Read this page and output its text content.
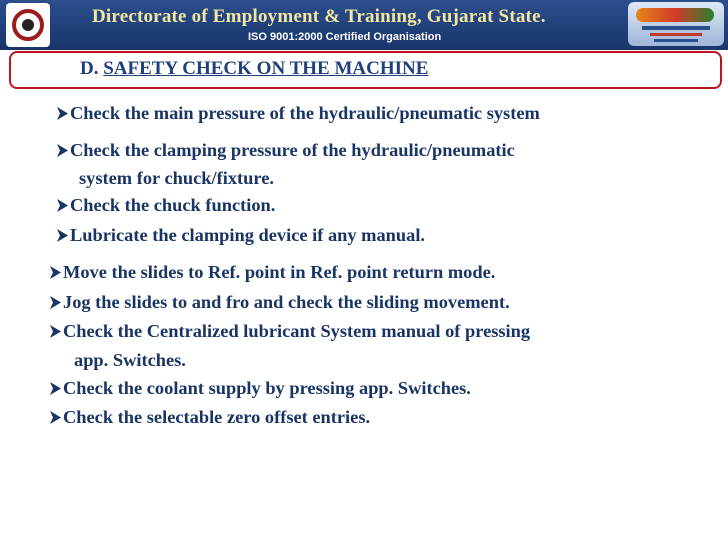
Directorate of Employment & Training, Gujarat State.
ISO 9001:2000 Certified Organisation
D. SAFETY CHECK ON THE MACHINE
Check the main pressure of the hydraulic/pneumatic system
Check the clamping pressure of the hydraulic/pneumatic
system for chuck/fixture.
Check the chuck function.
Lubricate the clamping device if any manual.
Move the slides to Ref. point in Ref. point return mode.
Jog the slides to and fro and check the sliding movement.
Check the Centralized lubricant System manual of pressing
app. Switches.
Check the coolant supply by pressing app. Switches.
Check the selectable zero offset entries.
